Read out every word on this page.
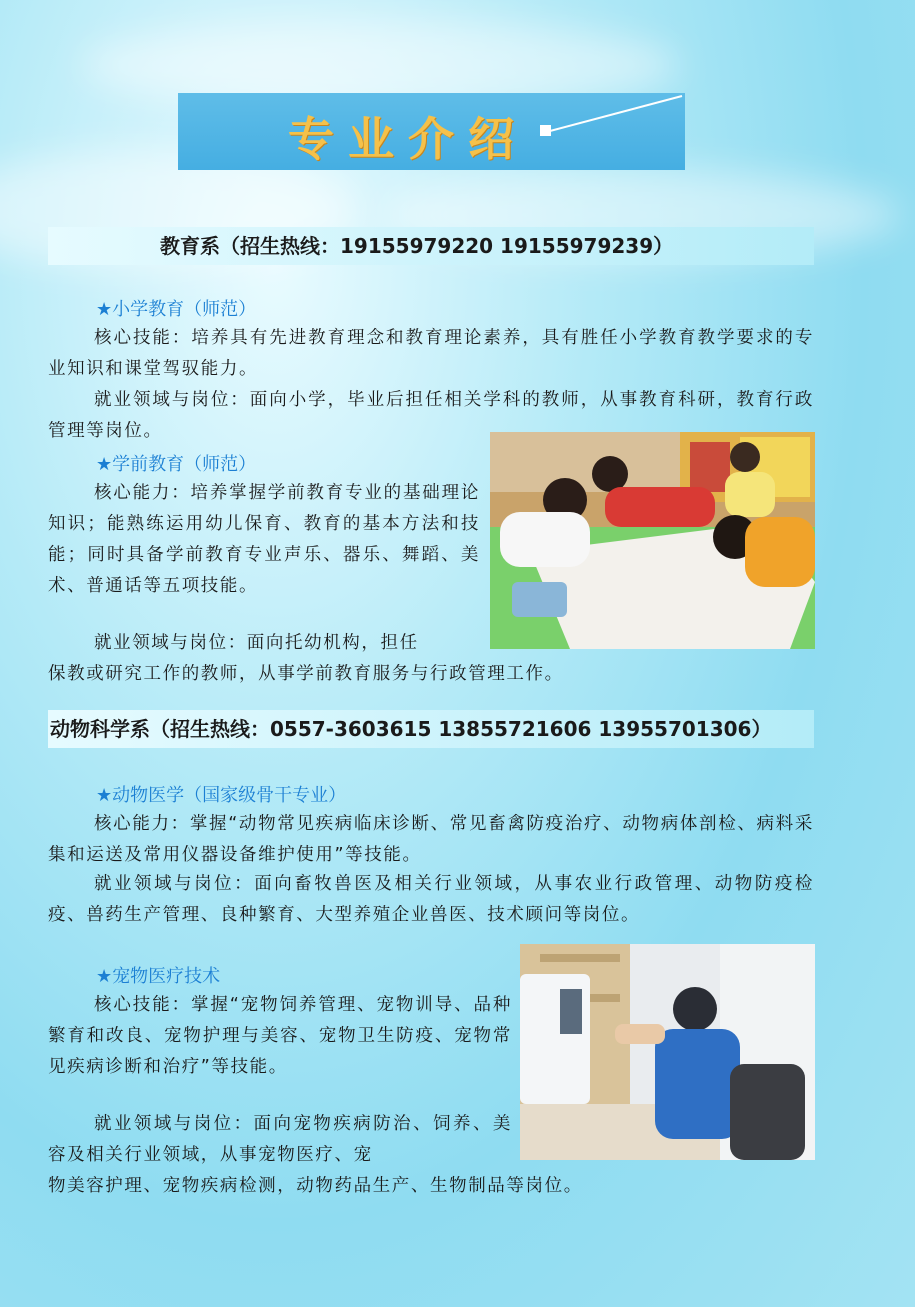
专业介绍
教育系（招生热线：19155979220 19155979239）
★小学教育（师范）
核心技能：培养具有先进教育理念和教育理论素养，具有胜任小学教育教学要求的专业知识和课堂驾驭能力。
就业领域与岗位：面向小学，毕业后担任相关学科的教师，从事教育科研，教育行政管理等岗位。
★学前教育（师范）
核心能力：培养掌握学前教育专业的基础理论知识；能熟练运用幼儿保育、教育的基本方法和技能；同时具备学前教育专业声乐、器乐、舞蹈、美术、普通话等五项技能。
就业领域与岗位：面向托幼机构，担任
保教或研究工作的教师，从事学前教育服务与行政管理工作。
动物科学系（招生热线：0557-3603615 13855721606 13955701306）
★动物医学（国家级骨干专业）
核心能力：掌握“动物常见疾病临床诊断、常见畜禽防疫治疗、动物病体剖检、病料采集和运送及常用仪器设备维护使用”等技能。
就业领域与岗位：面向畜牧兽医及相关行业领域，从事农业行政管理、动物防疫检疫、兽药生产管理、良种繁育、大型养殖企业兽医、技术顾问等岗位。
★宠物医疗技术
核心技能：掌握“宠物饲养管理、宠物训导、品种繁育和改良、宠物护理与美容、宠物卫生防疫、宠物常见疾病诊断和治疗”等技能。
就业领域与岗位：面向宠物疾病防治、饲养、美容及相关行业领域，从事宠物医疗、宠
物美容护理、宠物疾病检测，动物药品生产、生物制品等岗位。
